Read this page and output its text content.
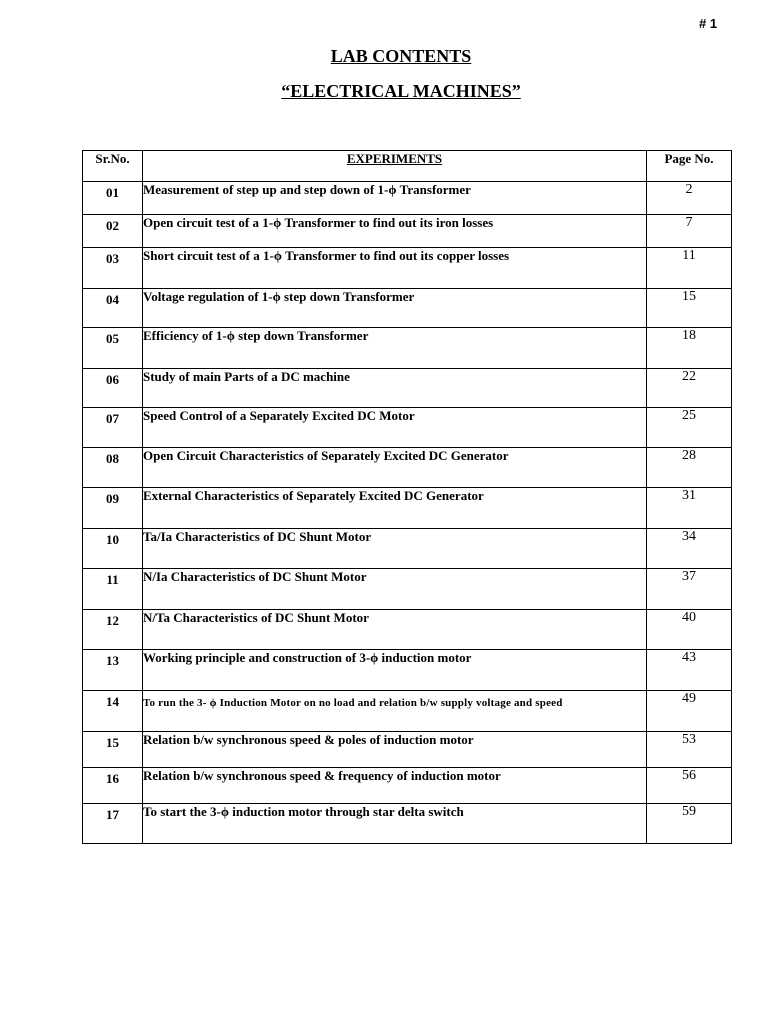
# 1
LAB CONTENTS
“ELECTRICAL MACHINES”
Sr.No.	EXPERIMENTS	Page No.
01	Measurement of step up and step down of 1-ϕ Transformer	2
02	Open circuit test of a 1-ϕ Transformer to find out its iron losses	7
03	Short circuit test of a 1-ϕ Transformer to find out its copper losses	11
04	Voltage regulation of 1-ϕ step down Transformer	15
05	Efficiency of 1-ϕ step down Transformer	18
06	Study of main Parts of a DC machine	22
07	Speed Control of a Separately Excited DC Motor	25
08	Open Circuit Characteristics of Separately Excited DC Generator	28
09	External Characteristics of Separately Excited DC Generator	31
10	Ta/Ia Characteristics of DC Shunt Motor	34
11	N/Ia Characteristics of DC Shunt Motor	37
12	N/Ta Characteristics of DC Shunt Motor	40
13	Working principle and construction of 3-ϕ induction motor	43
14	To run the 3- ϕ Induction Motor on no load and relation b/w supply voltage and speed	49
15	Relation b/w synchronous speed & poles of induction motor	53
16	Relation b/w synchronous speed & frequency of induction motor	56
17	To start the 3-ϕ induction motor through star delta switch	59
